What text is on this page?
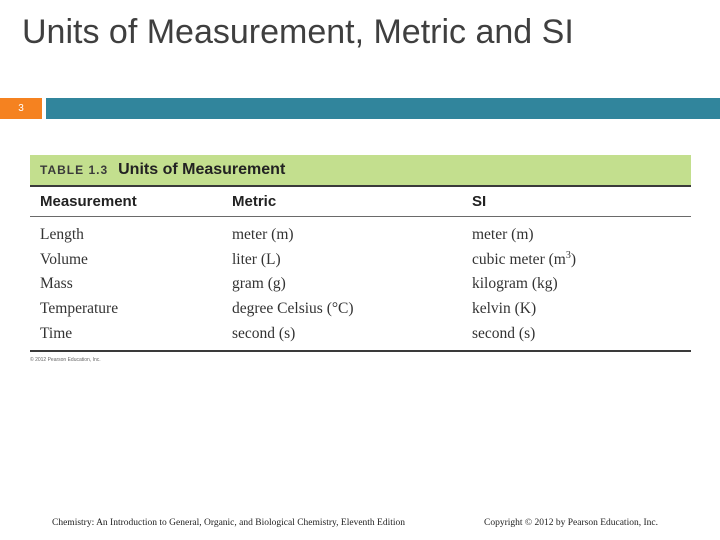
Units of Measurement, Metric and SI
3
TABLE 1.3 Units of Measurement
Measurement	Metric	SI
Length	meter (m)	meter (m)
Volume	liter (L)	cubic meter $(m^3)$
Mass	gram (g)	kilogram (kg)
Temperature	degree Celsius (°C)	kelvin (K)
Time	second (s)	second (s)
© 2012 Pearson Education, Inc.
Chemistry: An Introduction to General, Organic, and Biological Chemistry, Eleventh Edition	Copyright © 2012 by Pearson Education, Inc.
